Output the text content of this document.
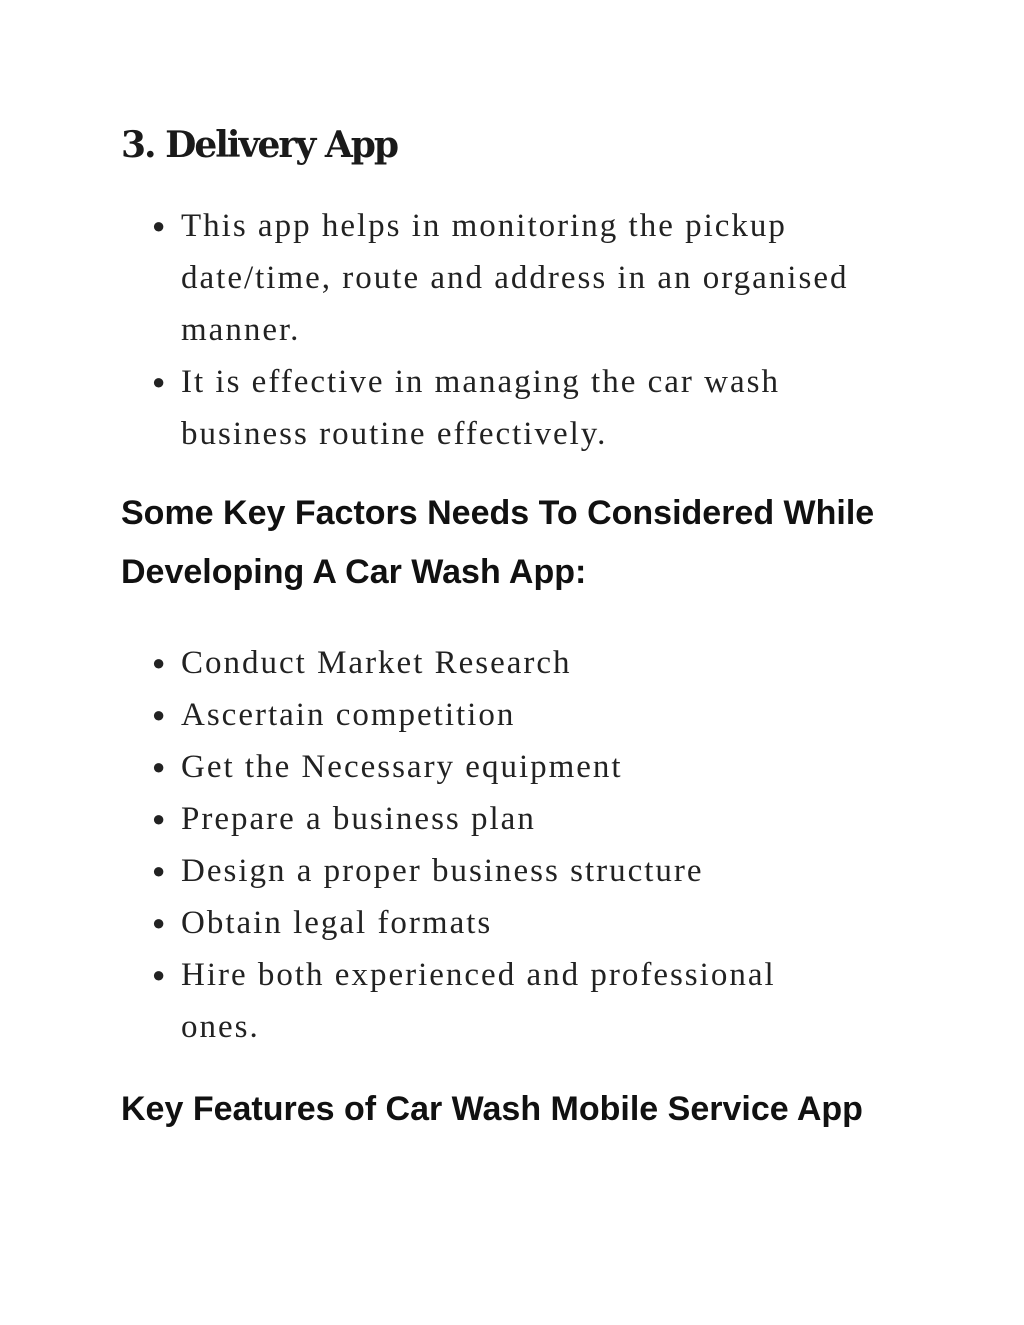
3. Delivery App
● This app helps in monitoring the pickup date/time, route and address in an organised manner.
● It is effective in managing the car wash business routine effectively.
Some Key Factors Needs To Considered While Developing A Car Wash App:
● Conduct Market Research
● Ascertain competition
● Get the Necessary equipment
● Prepare a business plan
● Design a proper business structure
● Obtain legal formats
● Hire both experienced and professional ones.
Key Features of Car Wash Mobile Service App
